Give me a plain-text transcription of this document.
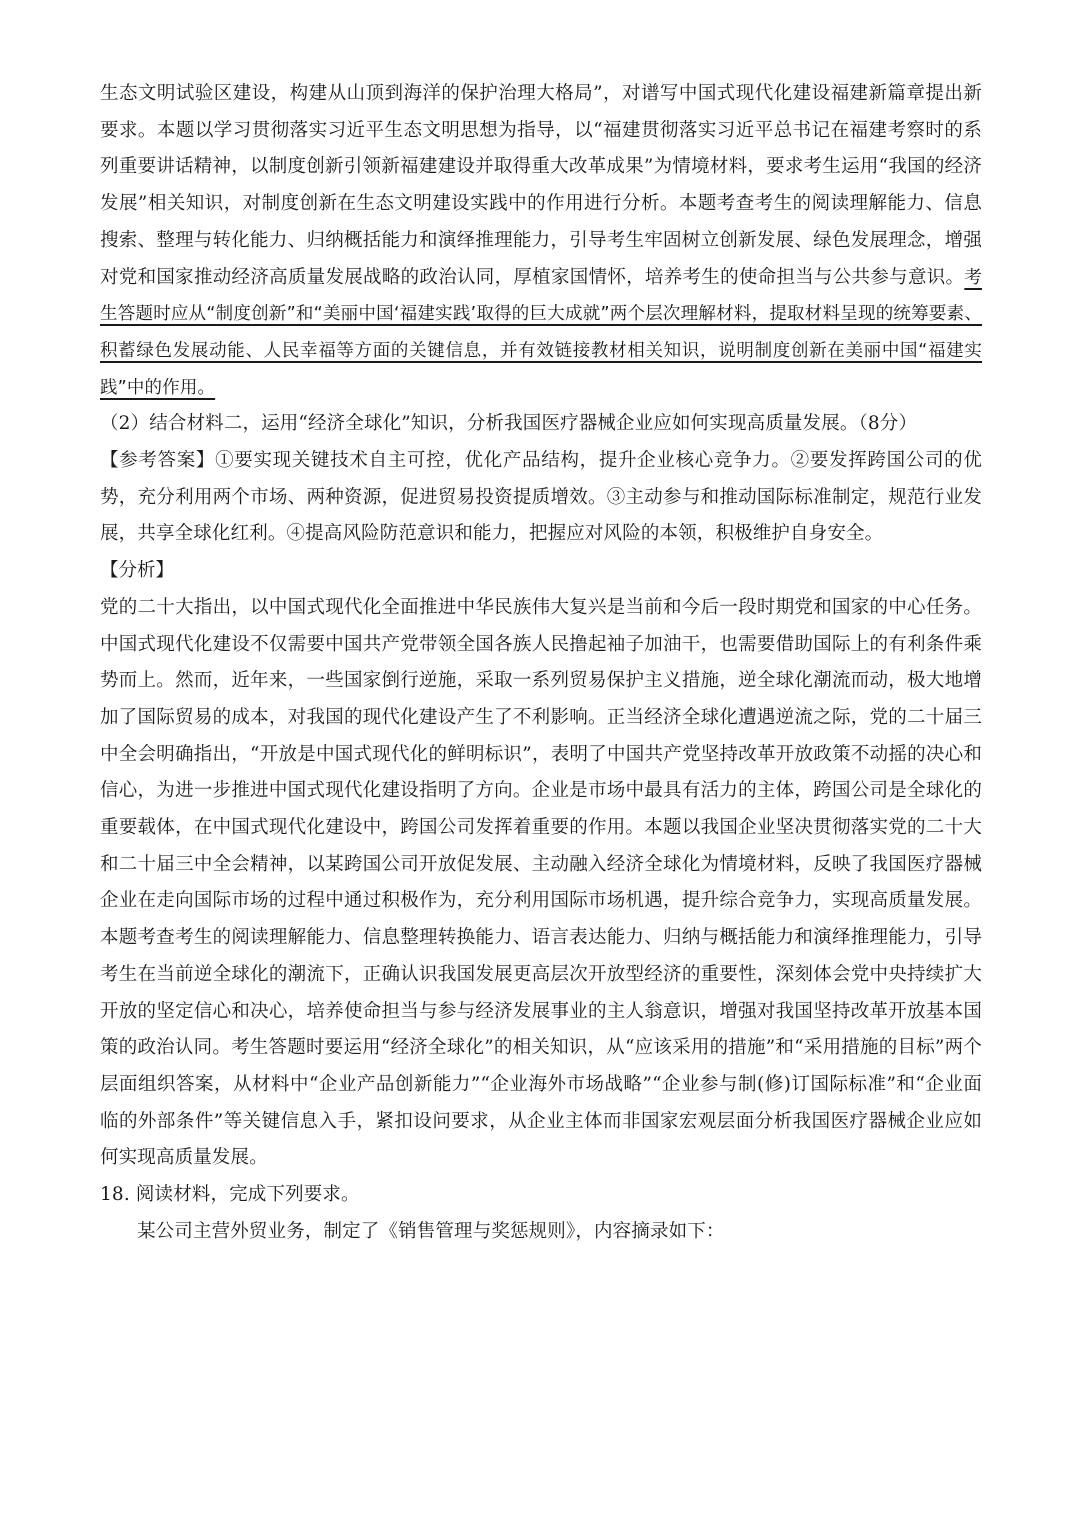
生态文明试验区建设，构建从山顶到海洋的保护治理大格局”，对谱写中国式现代化建设福建新篇章提出新要求。本题以学习贯彻落实习近平生态文明思想为指导，以“福建贯彻落实习近平总书记在福建考察时的系列重要讲话精神，以制度创新引领新福建建设并取得重大改革成果”为情境材料，要求考生运用“我国的经济发展”相关知识，对制度创新在生态文明建设实践中的作用进行分析。本题考查考生的阅读理解能力、信息搜索、整理与转化能力、归纳概括能力和演绎推理能力，引导考生牢固树立创新发展、绿色发展理念，增强对党和国家推动经济高质量发展战略的政治认同，厚植家国情怀，培养考生的使命担当与公共参与意识。考生答题时应从“制度创新”和“美丽中国‘福建实践’取得的巨大成就”两个层次理解材料，提取材料呈现的统筹要素、积蓄绿色发展动能、人民幸福等方面的关键信息，并有效链接教材相关知识，说明制度创新在美丽中国“福建实践”中的作用。

（2）结合材料二，运用“经济全球化”知识，分析我国医疗器械企业应如何实现高质量发展。（8分）

【参考答案】①要实现关键技术自主可控，优化产品结构，提升企业核心竞争力。②要发挥跨国公司的优势，充分利用两个市场、两种资源，促进贸易投资提质增效。③主动参与和推动国际标准制定，规范行业发展，共享全球化红利。④提高风险防范意识和能力，把握应对风险的本领，积极维护自身安全。

【分析】

党的二十大指出，以中国式现代化全面推进中华民族伟大复兴是当前和今后一段时期党和国家的中心任务。中国式现代化建设不仅需要中国共产党带领全国各族人民撸起袖子加油干，也需要借助国际上的有利条件乘势而上。然而，近年来，一些国家倒行逆施，采取一系列贸易保护主义措施，逆全球化潮流而动，极大地增加了国际贸易的成本，对我国的现代化建设产生了不利影响。正当经济全球化遭遇逆流之际，党的二十届三中全会明确指出，“开放是中国式现代化的鲜明标识”，表明了中国共产党坚持改革开放政策不动摇的决心和信心，为进一步推进中国式现代化建设指明了方向。企业是市场中最具有活力的主体，跨国公司是全球化的重要载体，在中国式现代化建设中，跨国公司发挥着重要的作用。本题以我国企业坚决贯彻落实党的二十大和二十届三中全会精神，以某跨国公司开放促发展、主动融入经济全球化为情境材料，反映了我国医疗器械企业在走向国际市场的过程中通过积极作为，充分利用国际市场机遇，提升综合竞争力，实现高质量发展。本题考查考生的阅读理解能力、信息整理转换能力、语言表达能力、归纳与概括能力和演绎推理能力，引导考生在当前逆全球化的潮流下，正确认识我国发展更高层次开放型经济的重要性，深刻体会党中央持续扩大开放的坚定信心和决心，培养使命担当与参与经济发展事业的主人翁意识，增强对我国坚持改革开放基本国策的政治认同。考生答题时要运用“经济全球化”的相关知识，从“应该采用的措施”和“采用措施的目标”两个层面组织答案，从材料中“企业产品创新能力”“企业海外市场战略”“企业参与制(修)订国际标准”和“企业面临的外部条件”等关键信息入手，紧扣设问要求，从企业主体而非国家宏观层面分析我国医疗器械企业应如何实现高质量发展。

18. 阅读材料，完成下列要求。

某公司主营外贸业务，制定了《销售管理与奖惩规则》，内容摘录如下：
